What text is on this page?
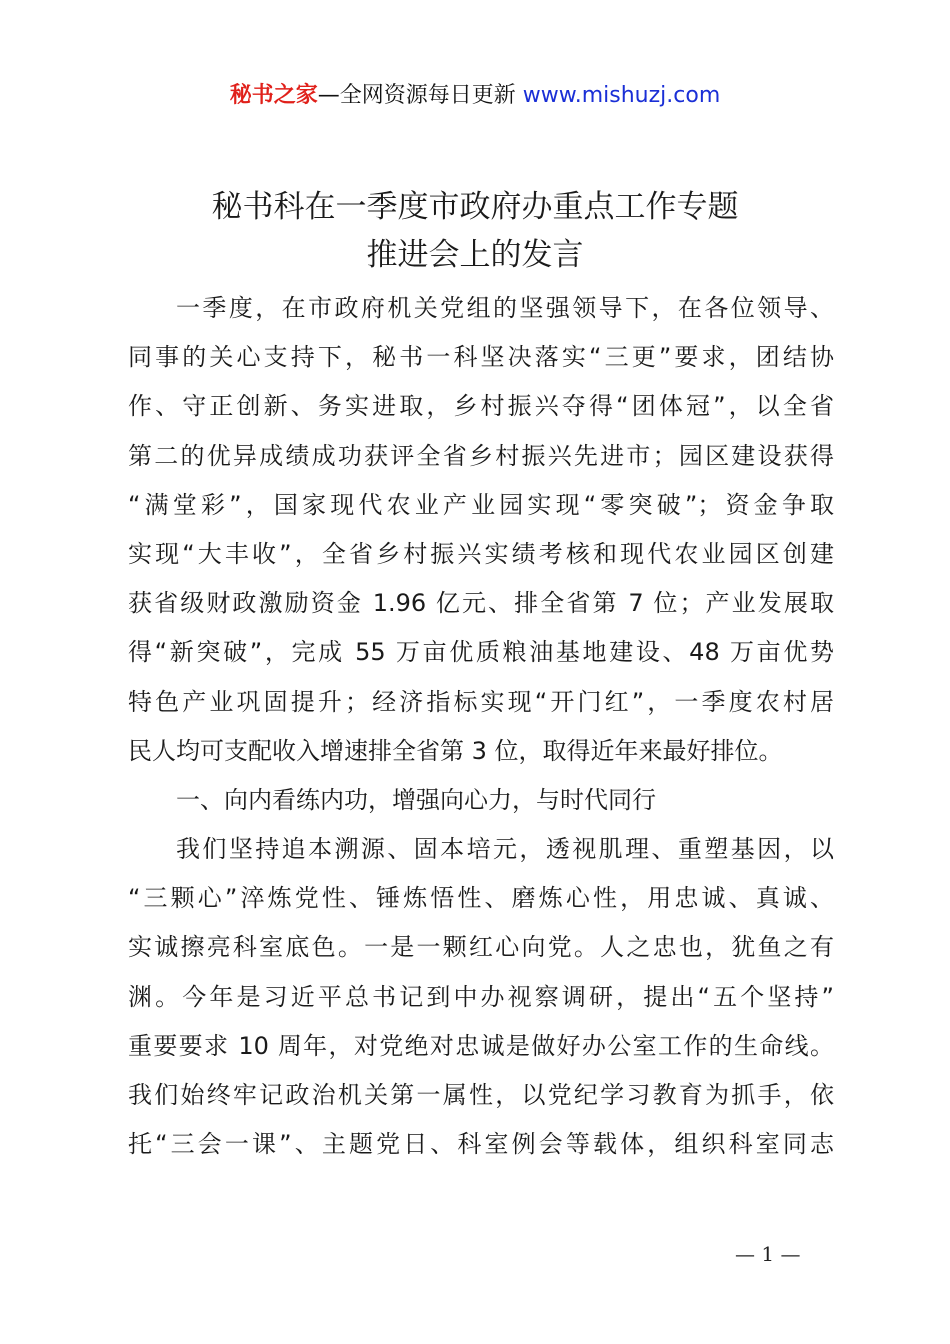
秘书之家—全网资源每日更新 www.mishuzj.com
秘书科在一季度市政府办重点工作专题
推进会上的发言
一季度，在市政府机关党组的坚强领导下，在各位领导、
同事的关心支持下，秘书一科坚决落实“三更”要求，团结协
作、守正创新、务实进取，乡村振兴夺得“团体冠”，以全省
第二的优异成绩成功获评全省乡村振兴先进市；园区建设获得
“满堂彩”，国家现代农业产业园实现“零突破”；资金争取
实现“大丰收”，全省乡村振兴实绩考核和现代农业园区创建
获省级财政激励资金 1.96 亿元、排全省第 7 位；产业发展取
得“新突破”，完成 55 万亩优质粮油基地建设、48 万亩优势
特色产业巩固提升；经济指标实现“开门红”，一季度农村居
民人均可支配收入增速排全省第 3 位，取得近年来最好排位。
一、向内看练内功，增强向心力，与时代同行
我们坚持追本溯源、固本培元，透视肌理、重塑基因，以
“三颗心”淬炼党性、锤炼悟性、磨炼心性，用忠诚、真诚、
实诚擦亮科室底色。一是一颗红心向党。人之忠也，犹鱼之有
渊。今年是习近平总书记到中办视察调研，提出“五个坚持”
重要要求 10 周年，对党绝对忠诚是做好办公室工作的生命线。
我们始终牢记政治机关第一属性，以党纪学习教育为抓手，依
托“三会一课”、主题党日、科室例会等载体，组织科室同志
— 1 —
